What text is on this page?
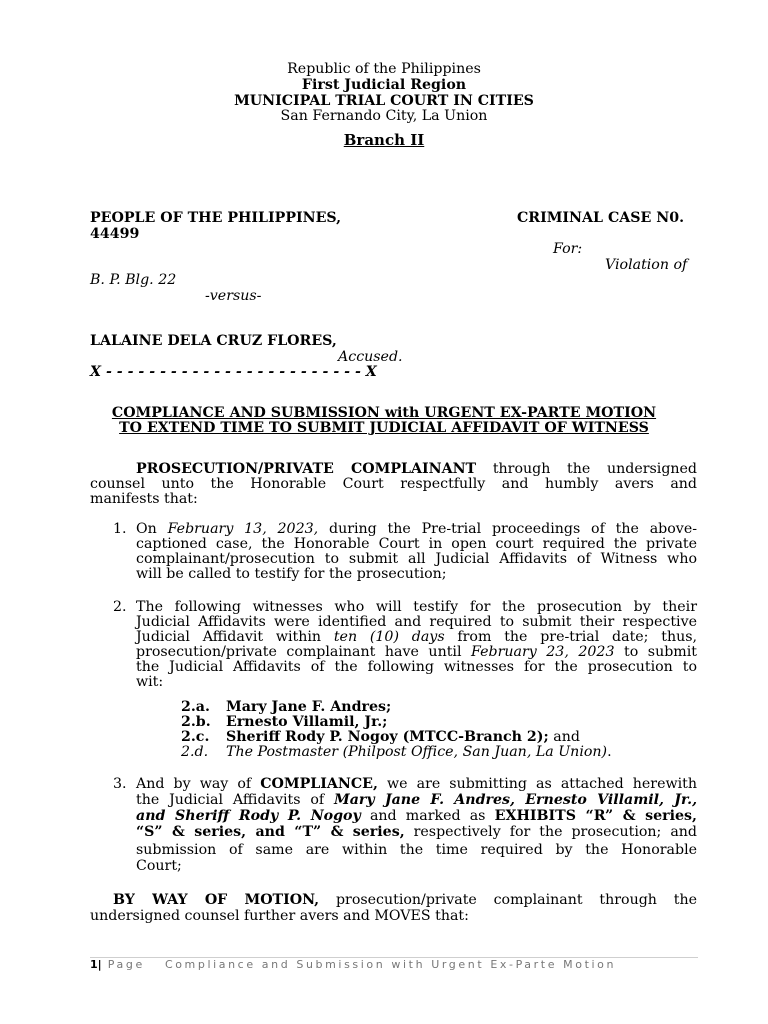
Republic of the Philippines
First Judicial Region
MUNICIPAL TRIAL COURT IN CITIES
San Fernando City, La Union
Branch II
PEOPLE OF THE PHILIPPINES,	CRIMINAL CASE N0.
44499
For:
Violation of
B. P. Blg. 22
-versus-
LALAINE DELA CRUZ FLORES,
Accused.
X - - - - - - - - - - - - - - - - - - - - - - - - X
COMPLIANCE AND SUBMISSION with URGENT EX-PARTE MOTION
TO EXTEND TIME TO SUBMIT JUDICIAL AFFIDAVIT OF WITNESS
PROSECUTION/PRIVATE COMPLAINANT through the undersigned
counsel unto the Honorable Court respectfully and humbly avers and
manifests that:
1. On February 13, 2023, during the Pre-trial proceedings of the above-
captioned case, the Honorable Court in open court required the private
complainant/prosecution to submit all Judicial Affidavits of Witness who
will be called to testify for the prosecution;
2. The following witnesses who will testify for the prosecution by their
Judicial Affidavits were identified and required to submit their respective
Judicial Affidavit within ten (10) days from the pre-trial date; thus,
prosecution/private complainant have until February 23, 2023 to submit
the Judicial Affidavits of the following witnesses for the prosecution to
wit:
2.a. Mary Jane F. Andres;
2.b. Ernesto Villamil, Jr.;
2.c. Sheriff Rody P. Nogoy (MTCC-Branch 2); and
2.d. The Postmaster (Philpost Office, San Juan, La Union).
3. And by way of COMPLIANCE, we are submitting as attached herewith
the Judicial Affidavits of Mary Jane F. Andres, Ernesto Villamil, Jr.,
and Sheriff Rody P. Nogoy and marked as EXHIBITS “R” & series,
“S” & series, and “T” & series, respectively for the prosecution; and
submission of same are within the time required by the Honorable
Court;
BY WAY OF MOTION, prosecution/private complainant through the
undersigned counsel further avers and MOVES that:
1| Page Compliance and Submission with Urgent Ex-Parte Motion
